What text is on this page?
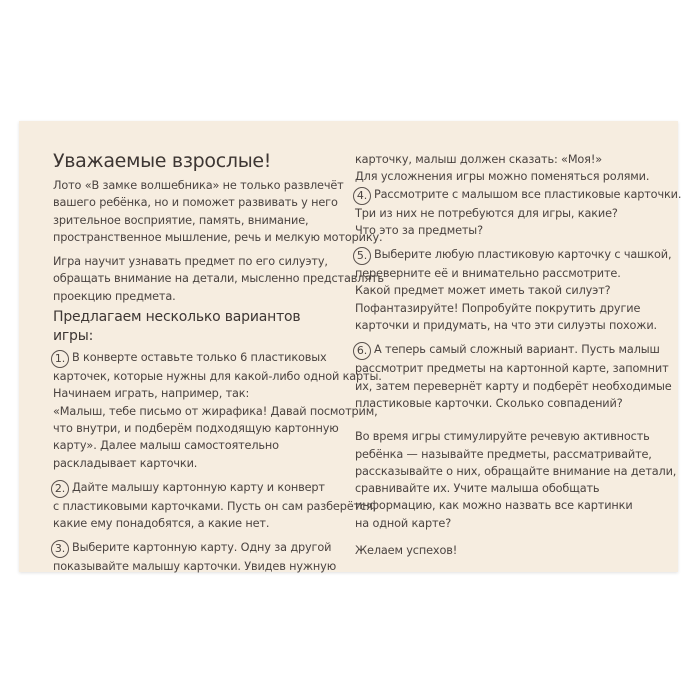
Уважаемые взрослые!

Лото «В замке волшебника» не только развлечёт
вашего ребёнка, но и поможет развивать у него
зрительное восприятие, память, внимание,
пространственное мышление, речь и мелкую моторику.

Игра научит узнавать предмет по его силуэту,
обращать внимание на детали, мысленно представлять
проекцию предмета.

Предлагаем несколько вариантов игры:

1. В конверте оставьте только 6 пластиковых
карточек, которые нужны для какой-либо одной карты.
Начинаем играть, например, так:
«Малыш, тебе письмо от жирафика! Давай посмотрим,
что внутри, и подберём подходящую картонную
карту». Далее малыш самостоятельно
раскладывает карточки.

2. Дайте малышу картонную карту и конверт
с пластиковыми карточками. Пусть он сам разберётся,
какие ему понадобятся, а какие нет.

3. Выберите картонную карту. Одну за другой
показывайте малышу карточки. Увидев нужную

карточку, малыш должен сказать: «Моя!»
Для усложнения игры можно поменяться ролями.

4. Рассмотрите с малышом все пластиковые карточки.
Три из них не потребуются для игры, какие?
Что это за предметы?

5. Выберите любую пластиковую карточку с чашкой,
переверните её и внимательно рассмотрите.
Какой предмет может иметь такой силуэт?
Пофантазируйте! Попробуйте покрутить другие
карточки и придумать, на что эти силуэты похожи.

6. А теперь самый сложный вариант. Пусть малыш
рассмотрит предметы на картонной карте, запомнит
их, затем перевернёт карту и подберёт необходимые
пластиковые карточки. Сколько совпадений?

Во время игры стимулируйте речевую активность
ребёнка — называйте предметы, рассматривайте,
рассказывайте о них, обращайте внимание на детали,
сравнивайте их. Учите малыша обобщать
информацию, как можно назвать все картинки
на одной карте?

Желаем успехов!
